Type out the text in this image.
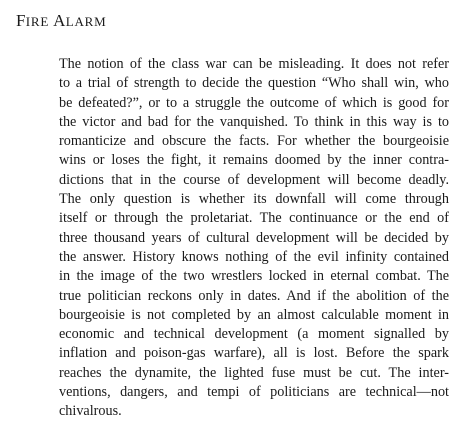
FIRE ALARM
The notion of the class war can be misleading. It does not refer
to a trial of strength to decide the question “Who shall win, who
be defeated?”, or to a struggle the outcome of which is good for
the victor and bad for the vanquished. To think in this way is to
romanticize and obscure the facts. For whether the bourgeoisie
wins or loses the fight, it remains doomed by the inner contra-
dictions that in the course of development will become deadly.
The only question is whether its downfall will come through
itself or through the proletariat. The continuance or the end of
three thousand years of cultural development will be decided by
the answer. History knows nothing of the evil infinity contained
in the image of the two wrestlers locked in eternal combat. The
true politician reckons only in dates. And if the abolition of the
bourgeoisie is not completed by an almost calculable moment in
economic and technical development (a moment signalled by
inflation and poison-gas warfare), all is lost. Before the spark
reaches the dynamite, the lighted fuse must be cut. The inter-
ventions, dangers, and tempi of politicians are technical—not
chivalrous.
